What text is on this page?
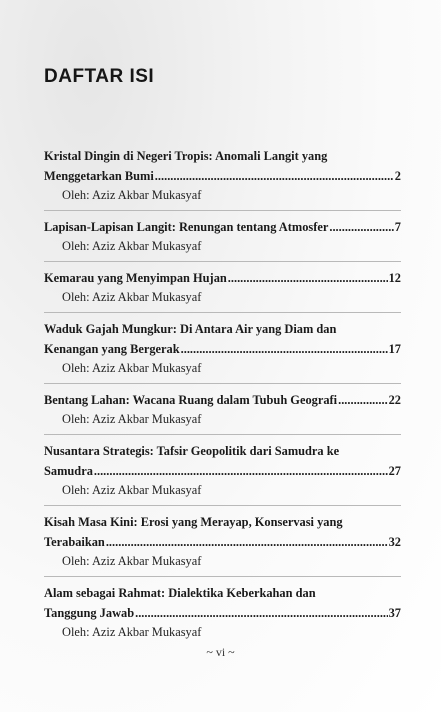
DAFTAR ISI
Kristal Dingin di Negeri Tropis: Anomali Langit yang
Menggetarkan Bumi .....	2
Oleh: Aziz Akbar Mukasyaf
Lapisan-Lapisan Langit: Renungan tentang Atmosfer .....	7
Oleh: Aziz Akbar Mukasyaf
Kemarau yang Menyimpan Hujan .....	12
Oleh: Aziz Akbar Mukasyaf
Waduk Gajah Mungkur: Di Antara Air yang Diam dan
Kenangan yang Bergerak .....	17
Oleh: Aziz Akbar Mukasyaf
Bentang Lahan: Wacana Ruang dalam Tubuh Geografi .....	22
Oleh: Aziz Akbar Mukasyaf
Nusantara Strategis: Tafsir Geopolitik dari Samudra ke
Samudra .....	27
Oleh: Aziz Akbar Mukasyaf
Kisah Masa Kini: Erosi yang Merayap, Konservasi yang
Terabaikan .....	32
Oleh: Aziz Akbar Mukasyaf
Alam sebagai Rahmat: Dialektika Keberkahan dan
Tanggung Jawab .....	37
Oleh: Aziz Akbar Mukasyaf
~ vi ~
